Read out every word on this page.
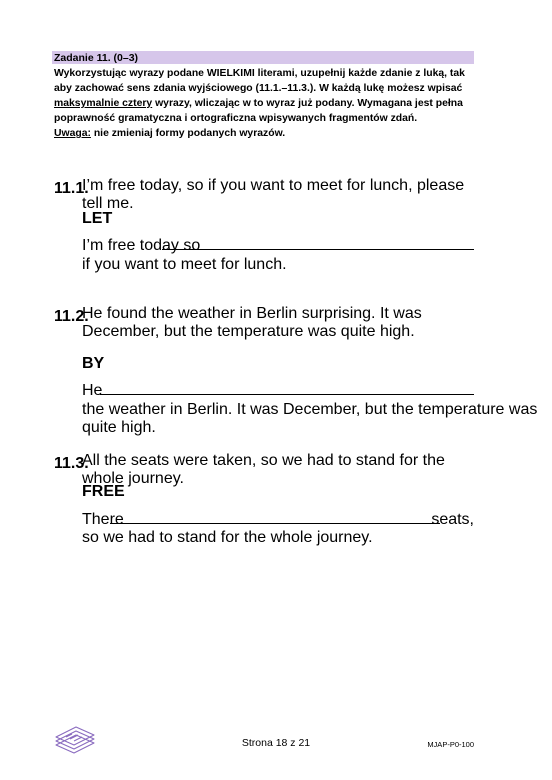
Zadanie 11. (0–3)

Wykorzystując wyrazy podane WIELKIMI literami, uzupełnij każde zdanie z luką, tak aby zachować sens zdania wyjściowego (11.1.–11.3.). W każdą lukę możesz wpisać maksymalnie cztery wyrazy, wliczając w to wyraz już podany. Wymagana jest pełna poprawność gramatyczna i ortograficzna wpisywanych fragmentów zdań.

Uwaga: nie zmieniaj formy podanych wyrazów.

11.1.
I’m free today, so if you want to meet for lunch, please tell me.
LET
I’m free today so
if you want to meet for lunch.
11.2.
He found the weather in Berlin surprising. It was December, but the temperature was quite high.
BY
He
the weather in Berlin. It was December, but the temperature was quite high.
11.3.
All the seats were taken, so we had to stand for the whole journey.
FREE
There	seats,
so we had to stand for the whole journey.
Strona 18 z 21	MJAP-P0-100
